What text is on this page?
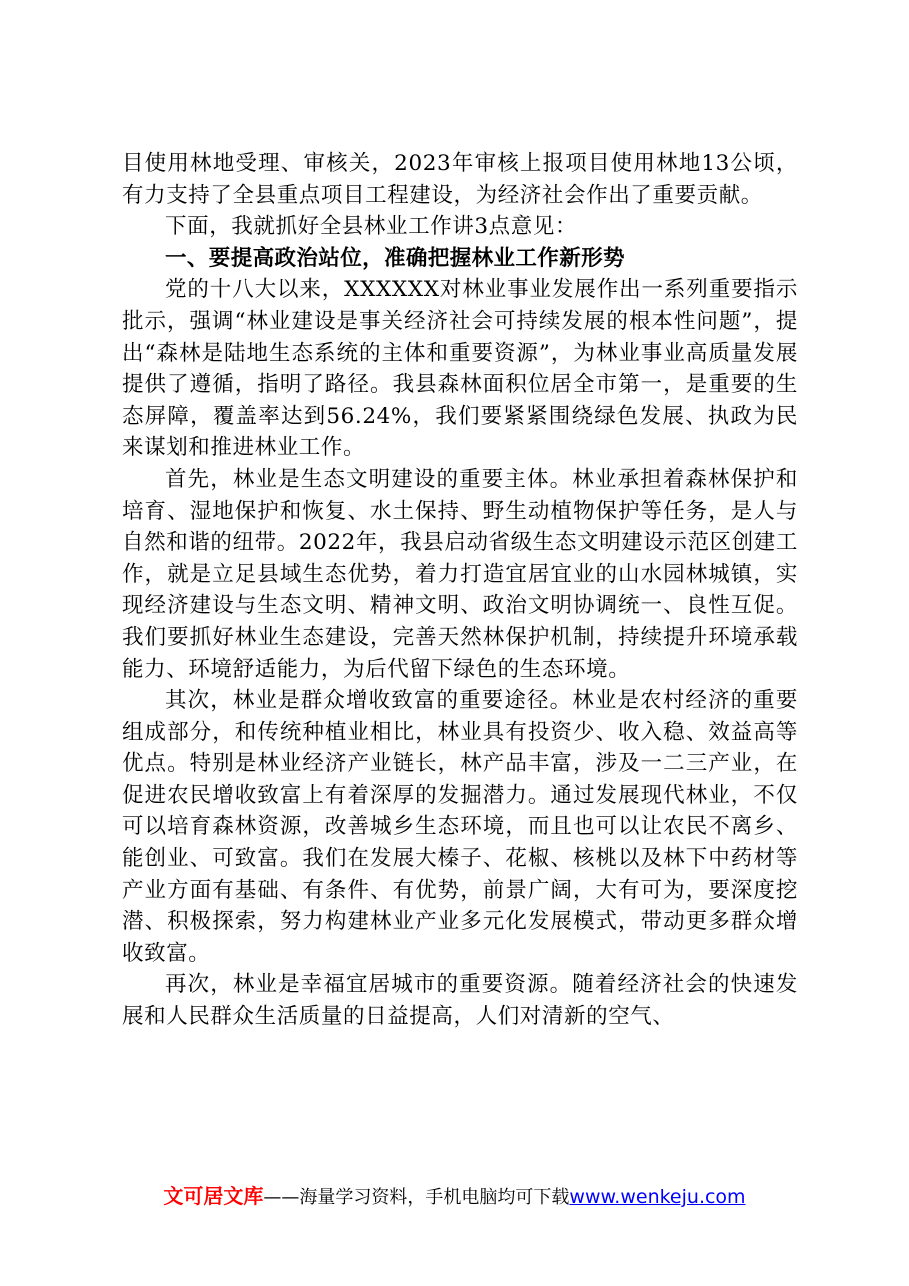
目使用林地受理、审核关，2023年审核上报项目使用林地13公顷，有力支持了全县重点项目工程建设，为经济社会作出了重要贡献。

下面，我就抓好全县林业工作讲3点意见：

一、要提高政治站位，准确把握林业工作新形势

党的十八大以来，XXXXXX对林业事业发展作出一系列重要指示批示，强调“林业建设是事关经济社会可持续发展的根本性问题”，提出“森林是陆地生态系统的主体和重要资源”，为林业事业高质量发展提供了遵循，指明了路径。我县森林面积位居全市第一，是重要的生态屏障，覆盖率达到56.24%，我们要紧紧围绕绿色发展、执政为民来谋划和推进林业工作。

首先，林业是生态文明建设的重要主体。林业承担着森林保护和培育、湿地保护和恢复、水土保持、野生动植物保护等任务，是人与自然和谐的纽带。2022年，我县启动省级生态文明建设示范区创建工作，就是立足县域生态优势，着力打造宜居宜业的山水园林城镇，实现经济建设与生态文明、精神文明、政治文明协调统一、良性互促。我们要抓好林业生态建设，完善天然林保护机制，持续提升环境承载能力、环境舒适能力，为后代留下绿色的生态环境。

其次，林业是群众增收致富的重要途径。林业是农村经济的重要组成部分，和传统种植业相比，林业具有投资少、收入稳、效益高等优点。特别是林业经济产业链长，林产品丰富，涉及一二三产业，在促进农民增收致富上有着深厚的发掘潜力。通过发展现代林业，不仅可以培育森林资源，改善城乡生态环境，而且也可以让农民不离乡、能创业、可致富。我们在发展大榛子、花椒、核桃以及林下中药材等产业方面有基础、有条件、有优势，前景广阔，大有可为，要深度挖潜、积极探索，努力构建林业产业多元化发展模式，带动更多群众增收致富。

再次，林业是幸福宜居城市的重要资源。随着经济社会的快速发展和人民群众生活质量的日益提高，人们对清新的空气、

文可居文库——海量学习资料，手机电脑均可下载www.wenkeju.com
